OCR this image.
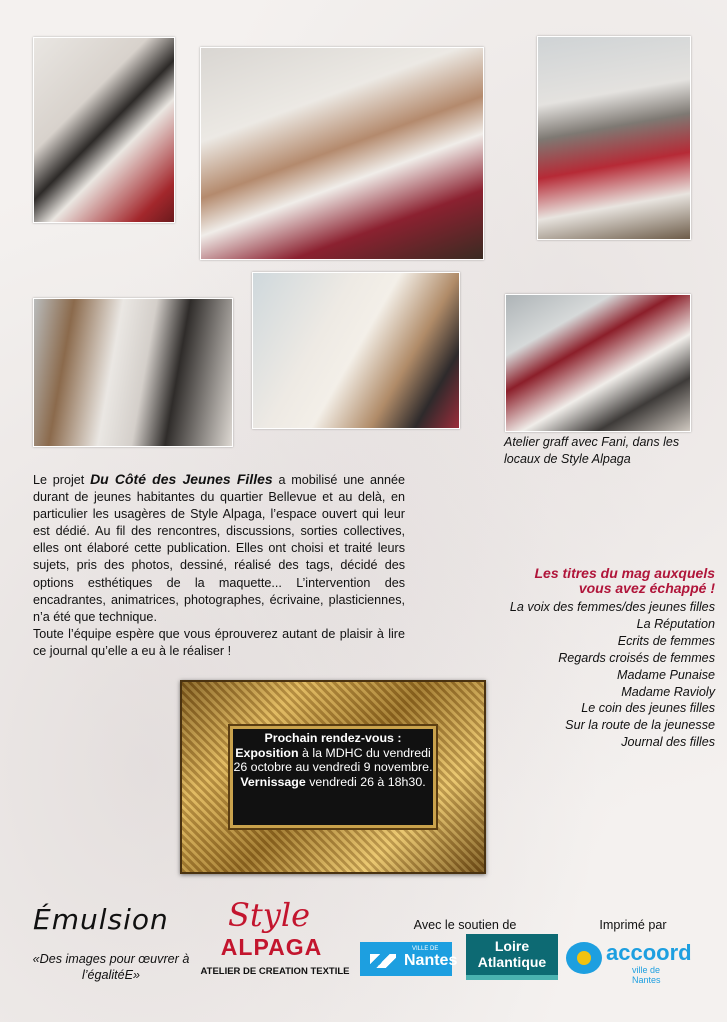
Atelier graff avec Fani, dans les locaux de Style Alpaga

Le projet Du Côté des Jeunes Filles a mobilisé une année durant de jeunes habitantes du quartier Bellevue et au delà, en particulier les usagères de Style Alpaga, l’espace ouvert qui leur est dédié. Au fil des rencontres, discussions, sorties collectives, elles ont élaboré cette publication. Elles ont choisi et traité leurs sujets, pris des photos, dessiné, réalisé des tags, décidé des options esthétiques de la maquette... L’intervention des encadrantes, animatrices, photographes, écrivaine, plasticiennes, n’a été que technique.

Toute l’équipe espère que vous éprouverez autant de plaisir à lire ce journal qu’elle a eu à le réaliser !

Les titres du mag auxquels
vous avez échappé !
La voix des femmes/des jeunes filles
La Réputation
Ecrits de femmes
Regards croisés de femmes
Madame Punaise
Madame Ravioly
Le coin des jeunes filles
Sur la route de la jeunesse
Journal des filles
Prochain rendez-vous :
Exposition à la MDHC du vendredi 26 octobre au vendredi 9 novembre.
Vernissage vendredi 26 à 18h30.
Émulsion
«Des images pour œuvrer à l’égalitéE»
Style
ALPAGA
ATELIER DE CREATION TEXTILE
Avec le soutien de
VILLE DE
Nantes
Loire
Atlantique
Imprimé par
accoord
ville de Nantes
